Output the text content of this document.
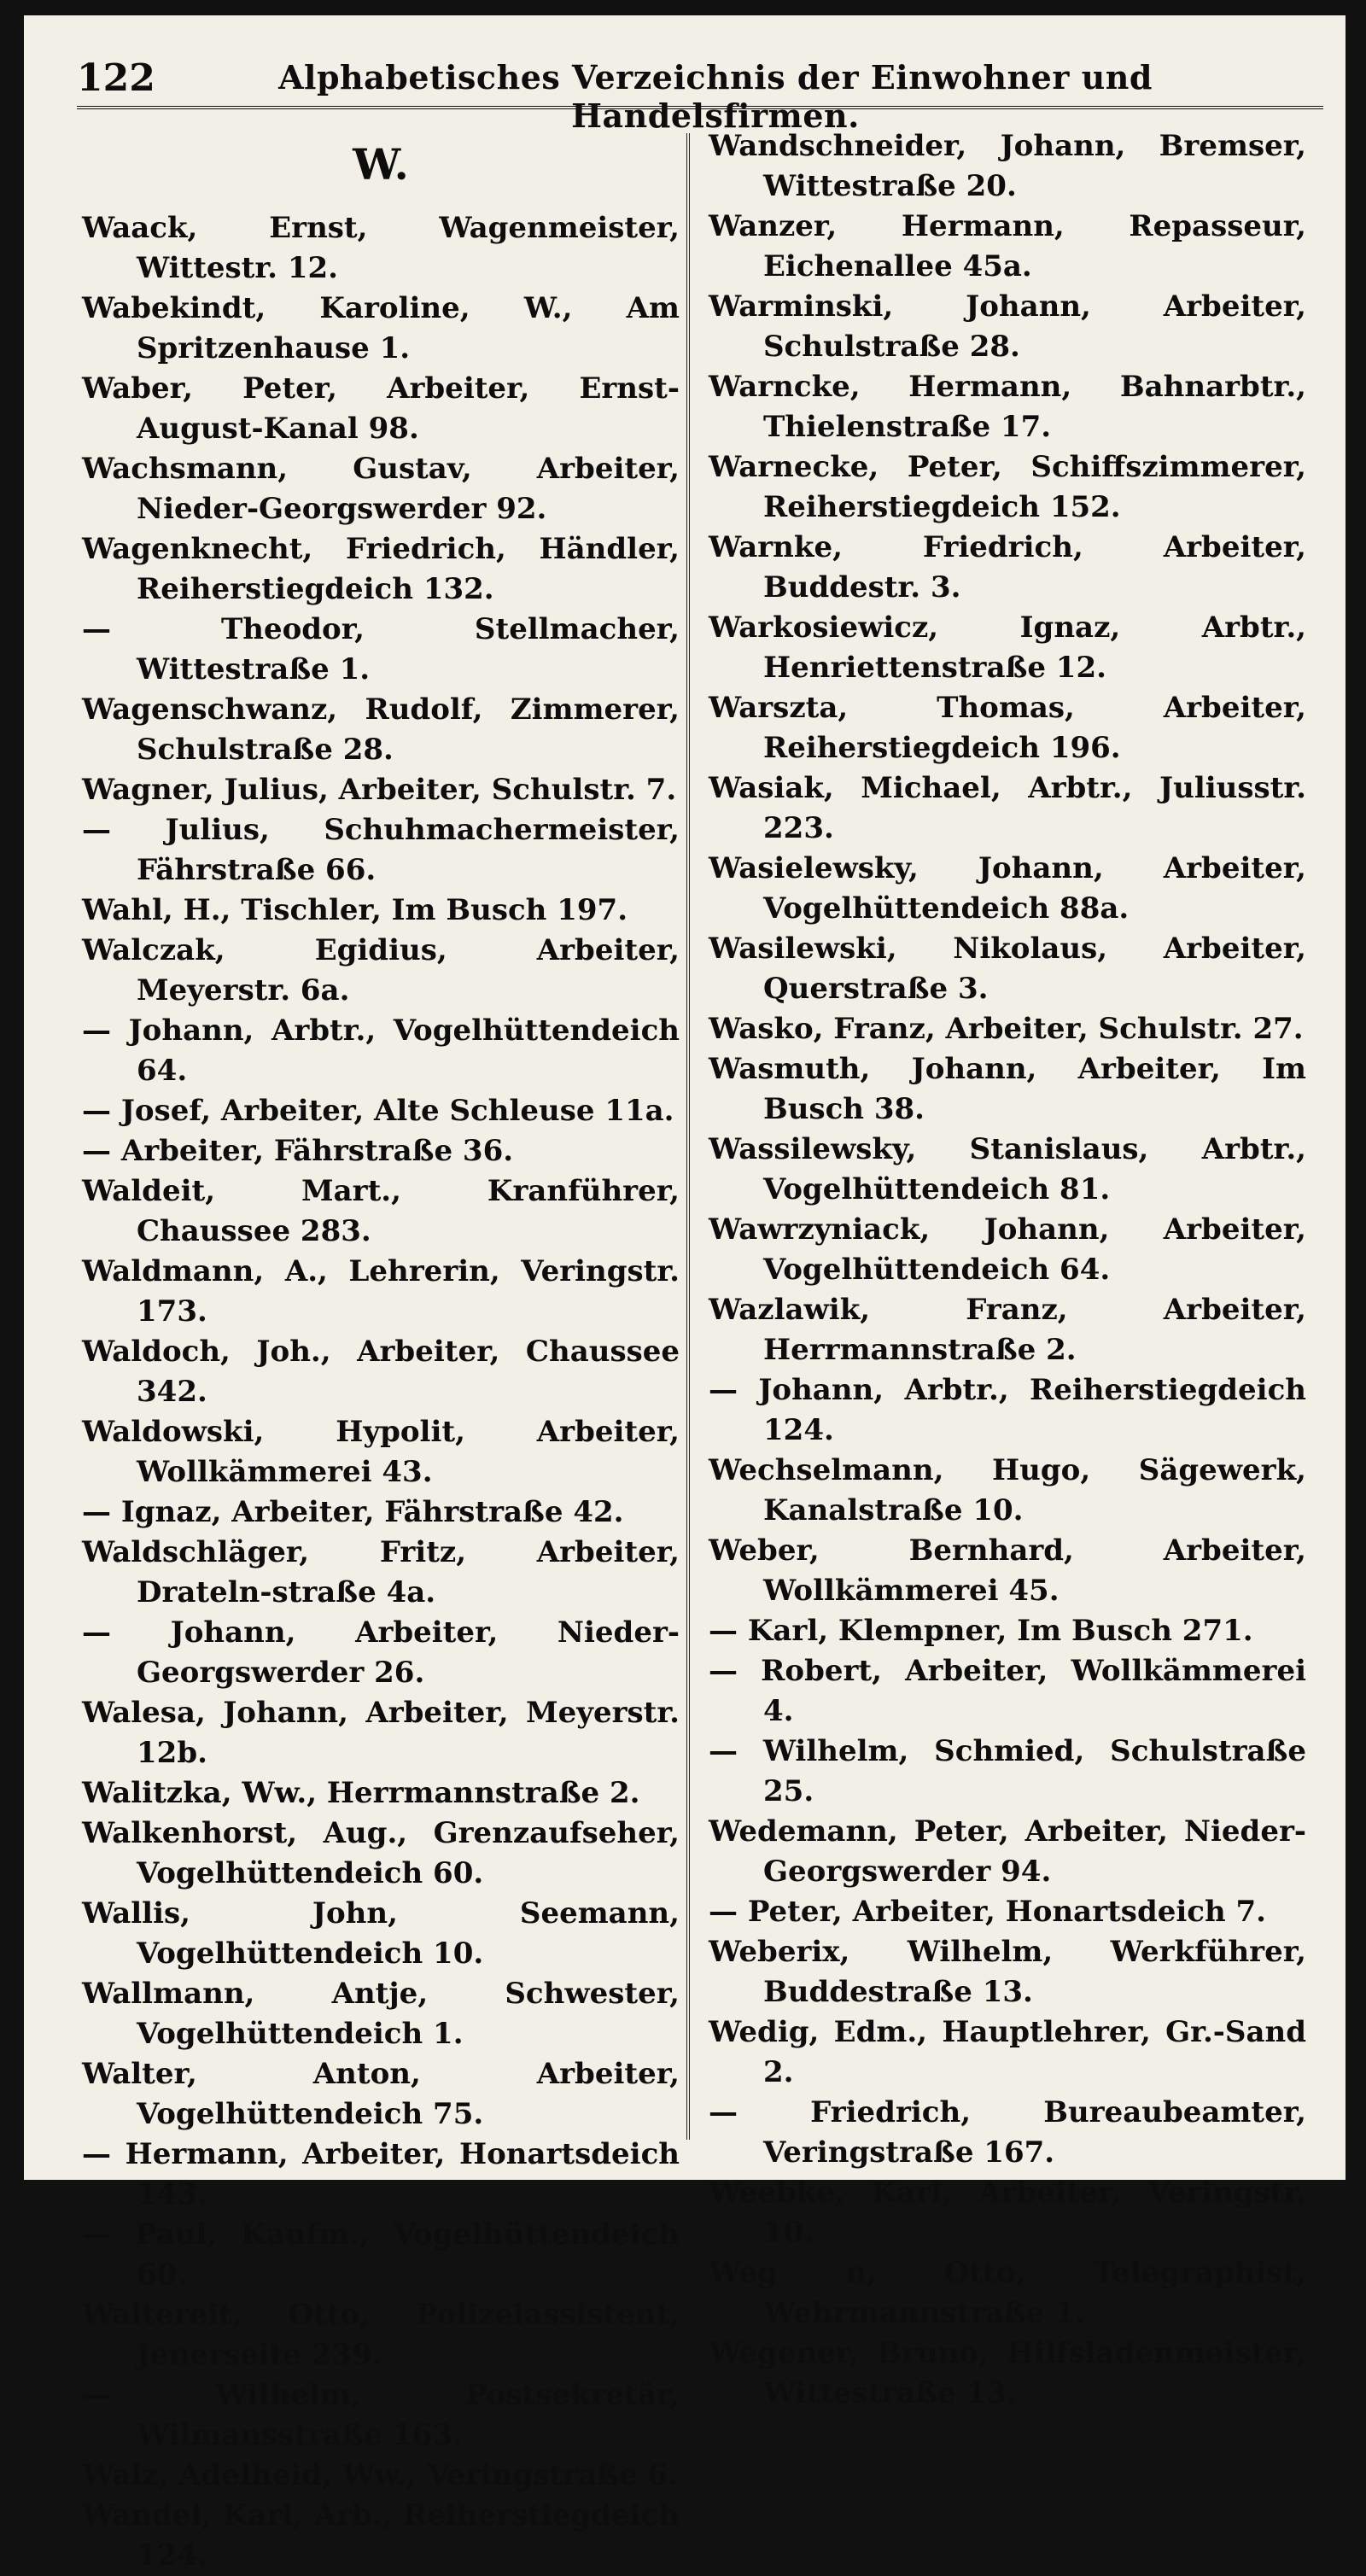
122	Alphabetisches Verzeichnis der Einwohner und Handelsfirmen.
W.
Waack, Ernst, Wagenmeister, Wittestr. 12.
Wabekindt, Karoline, W., Am Spritzenhause 1.
Waber, Peter, Arbeiter, Ernst-August-Kanal 98.
Wachsmann, Gustav, Arbeiter, Nieder-Georgswerder 92.
Wagenknecht, Friedrich, Händler, Reiherstiegdeich 132.
— Theodor, Stellmacher, Wittestraße 1.
Wagenschwanz, Rudolf, Zimmerer, Schulstraße 28.
Wagner, Julius, Arbeiter, Schulstr. 7.
— Julius, Schuhmachermeister, Fährstraße 66.
Wahl, H., Tischler, Im Busch 197.
Walczak, Egidius, Arbeiter, Meyerstr. 6a.
— Johann, Arbtr., Vogelhüttendeich 64.
— Josef, Arbeiter, Alte Schleuse 11a.
— Arbeiter, Fährstraße 36.
Waldeit, Mart., Kranführer, Chaussee 283.
Waldmann, A., Lehrerin, Veringstr. 173.
Waldoch, Joh., Arbeiter, Chaussee 342.
Waldowski, Hypolit, Arbeiter, Wollkämmerei 43.
— Ignaz, Arbeiter, Fährstraße 42.
Waldschläger, Fritz, Arbeiter, Drateln-straße 4a.
— Johann, Arbeiter, Nieder-Georgswerder 26.
Walesa, Johann, Arbeiter, Meyerstr. 12b.
Walitzka, Ww., Herrmannstraße 2.
Walkenhorst, Aug., Grenzaufseher, Vogelhüttendeich 60.
Wallis, John, Seemann, Vogelhüttendeich 10.
Wallmann, Antje, Schwester, Vogelhüttendeich 1.
Walter, Anton, Arbeiter, Vogelhüttendeich 75.
— Hermann, Arbeiter, Honartsdeich 143.
— Paul, Kaufm., Vogelhüttendeich 60.
Waltereit, Otto, Polizeiassistent, Jenerseite 239.
— Wilhelm, Postsekretär, Wilmansstraße 163.
Walz, Adelheid, Ww., Veringstraße 6.
Wandel, Karl, Arb., Reiherstiegdeich 124.
Wandschneider, Johann, Bremser, Wittestraße 20.
Wanzer, Hermann, Repasseur, Eichenallee 45a.
Warminski, Johann, Arbeiter, Schulstraße 28.
Warncke, Hermann, Bahnarbtr., Thielenstraße 17.
Warnecke, Peter, Schiffszimmerer, Reiherstiegdeich 152.
Warnke, Friedrich, Arbeiter, Buddestr. 3.
Warkosiewicz, Ignaz, Arbtr., Henriettenstraße 12.
Warszta, Thomas, Arbeiter, Reiherstiegdeich 196.
Wasiak, Michael, Arbtr., Juliusstr. 223.
Wasielewsky, Johann, Arbeiter, Vogelhüttendeich 88a.
Wasilewski, Nikolaus, Arbeiter, Querstraße 3.
Wasko, Franz, Arbeiter, Schulstr. 27.
Wasmuth, Johann, Arbeiter, Im Busch 38.
Wassilewsky, Stanislaus, Arbtr., Vogelhüttendeich 81.
Wawrzyniack, Johann, Arbeiter, Vogelhüttendeich 64.
Wazlawik, Franz, Arbeiter, Herrmannstraße 2.
— Johann, Arbtr., Reiherstiegdeich 124.
Wechselmann, Hugo, Sägewerk, Kanalstraße 10.
Weber, Bernhard, Arbeiter, Wollkämmerei 45.
— Karl, Klempner, Im Busch 271.
— Robert, Arbeiter, Wollkämmerei 4.
— Wilhelm, Schmied, Schulstraße 25.
Wedemann, Peter, Arbeiter, Nieder-Georgswerder 94.
— Peter, Arbeiter, Honartsdeich 7.
Weberix, Wilhelm, Werkführer, Buddestraße 13.
Wedig, Edm., Hauptlehrer, Gr.-Sand 2.
— Friedrich, Bureaubeamter, Veringstraße 167.
Weebke, Karl, Arbeiter, Veringstr. 10.
Weg n, Otto, Telegraphist, Wehrmannstraße 1.
Wegener, Bruno, Hilfsladenmeister, Wittestraße 13.
